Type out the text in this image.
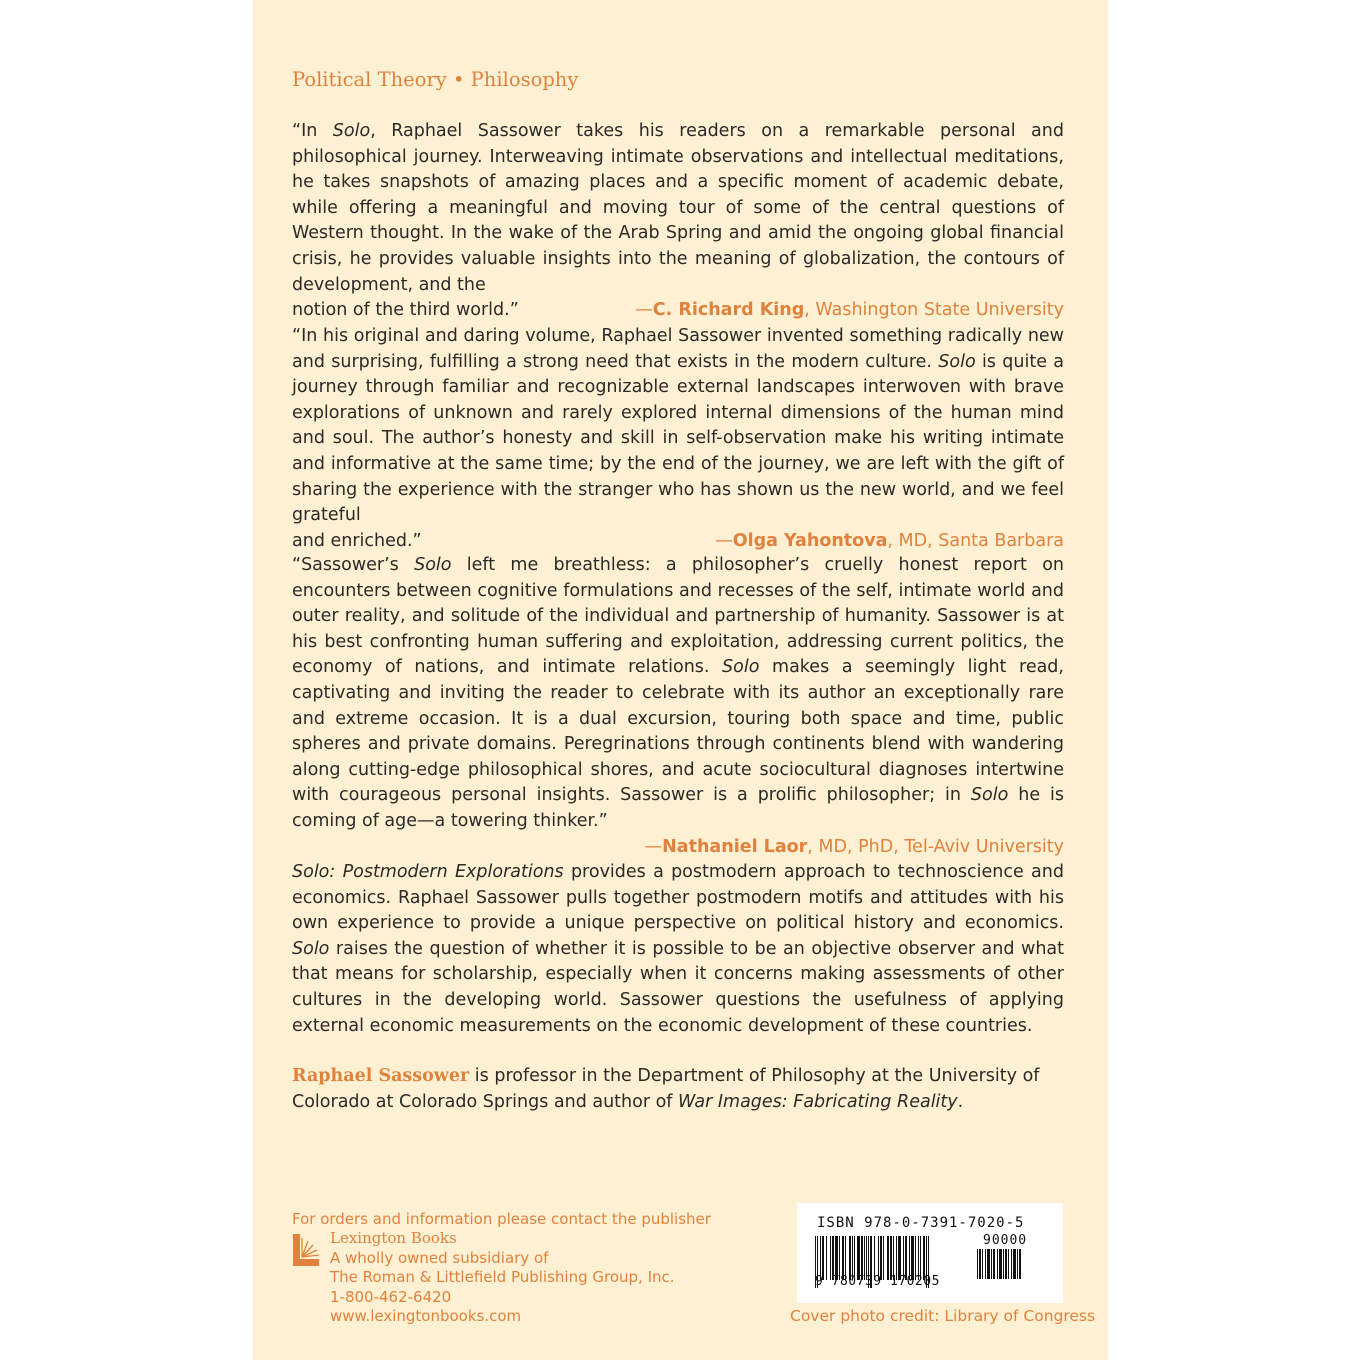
Political Theory • Philosophy

“In Solo, Raphael Sassower takes his readers on a remarkable personal and philosophical journey. Interweaving intimate observations and intellectual meditations, he takes snapshots of amazing places and a specific moment of academic debate, while offering a meaningful and moving tour of some of the central questions of Western thought. In the wake of the Arab Spring and amid the ongoing global financial crisis, he provides valuable insights into the meaning of globalization, the contours of development, and the

notion of the third world.”	—C. Richard King, Washington State University

“In his original and daring volume, Raphael Sassower invented something radically new and surprising, fulfilling a strong need that exists in the modern culture. Solo is quite a journey through familiar and recognizable external landscapes interwoven with brave explorations of unknown and rarely explored internal dimensions of the human mind and soul. The author’s honesty and skill in self-observation make his writing intimate and informative at the same time; by the end of the journey, we are left with the gift of sharing the experience with the stranger who has shown us the new world, and we feel grateful

and enriched.”	—Olga Yahontova, MD, Santa Barbara

“Sassower’s Solo left me breathless: a philosopher’s cruelly honest report on encounters between cognitive formulations and recesses of the self, intimate world and outer reality, and solitude of the individual and partnership of humanity. Sassower is at his best confronting human suffering and exploitation, addressing current politics, the economy of nations, and intimate relations. Solo makes a seemingly light read, captivating and inviting the reader to celebrate with its author an exceptionally rare and extreme occasion. It is a dual excursion, touring both space and time, public spheres and private domains. Peregrinations through continents blend with wandering along cutting-edge philosophical shores, and acute sociocultural diagnoses intertwine with courageous personal insights. Sassower is a prolific philosopher; in Solo he is coming of age—a towering thinker.”

—Nathaniel Laor, MD, PhD, Tel-Aviv University

Solo: Postmodern Explorations provides a postmodern approach to technoscience and economics. Raphael Sassower pulls together postmodern motifs and attitudes with his own experience to provide a unique perspective on political history and economics. Solo raises the question of whether it is possible to be an objective observer and what that means for scholarship, especially when it concerns making assessments of other cultures in the developing world. Sassower questions the usefulness of applying external economic measurements on the economic development of these countries.

Raphael Sassower is professor in the Department of Philosophy at the University of Colorado at Colorado Springs and author of War Images: Fabricating Reality.

For orders and information please contact the publisher
Lexington Books
A wholly owned subsidiary of
The Roman & Littlefield Publishing Group, Inc.
1-800-462-6420
www.lexingtonbooks.com
ISBN 978-0-7391-7020-5
90000
9 780739 170205
Cover photo credit: Library of Congress
